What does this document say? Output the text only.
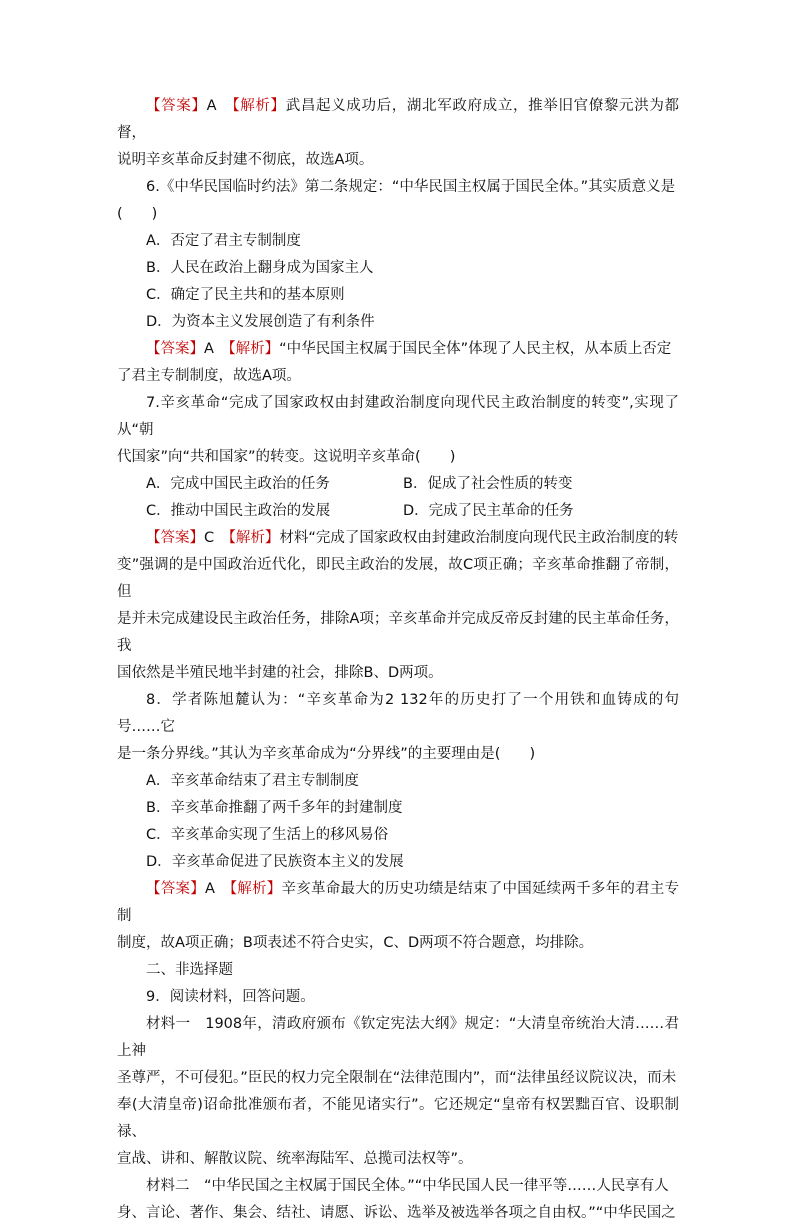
【答案】A　 【解析】武昌起义成功后，湖北军政府成立，推举旧官僚黎元洪为都督，

说明辛亥革命反封建不彻底，故选A项。

6.《中华民国临时约法》第二条规定：“中华民国主权属于国民全体。”其实质意义是

(　　)

A．否定了君主专制制度

B．人民在政治上翻身成为国家主人

C．确定了民主共和的基本原则

D．为资本主义发展创造了有利条件

【答案】A　 【解析】“中华民国主权属于国民全体”体现了人民主权，从本质上否定

了君主专制制度，故选A项。

7.辛亥革命“完成了国家政权由封建政治制度向现代民主政治制度的转变”,实现了从“朝

代国家”向“共和国家”的转变。这说明辛亥革命(　　)

A．完成中国民主政治的任务	B．促成了社会性质的转变
C．推动中国民主政治的发展	D．完成了民主革命的任务

【答案】C　 【解析】材料“完成了国家政权由封建政治制度向现代民主政治制度的转

变”强调的是中国政治近代化，即民主政治的发展，故C项正确；辛亥革命推翻了帝制，但

是并未完成建设民主政治任务，排除A项；辛亥革命并完成反帝反封建的民主革命任务，我

国依然是半殖民地半封建的社会，排除B、D两项。

8．学者陈旭麓认为：“辛亥革命为2 132年的历史打了一个用铁和血铸成的句号……它

是一条分界线。”其认为辛亥革命成为“分界线”的主要理由是(　　)

A．辛亥革命结束了君主专制制度

B．辛亥革命推翻了两千多年的封建制度

C．辛亥革命实现了生活上的移风易俗

D．辛亥革命促进了民族资本主义的发展

【答案】A　 【解析】辛亥革命最大的历史功绩是结束了中国延续两千多年的君主专制

制度，故A项正确；B项表述不符合史实，C、D两项不符合题意，均排除。

二、非选择题

9．阅读材料，回答问题。

材料一　1908年，清政府颁布《钦定宪法大纲》规定：“大清皇帝统治大清……君上神

圣尊严，不可侵犯。”臣民的权力完全限制在“法律范围内”，而“法律虽经议院议决，而未

奉(大清皇帝)诏命批准颁布者，不能见诸实行”。它还规定“皇帝有权罢黜百官、设职制禄、

宣战、讲和、解散议院、统率海陆军、总揽司法权等”。

材料二　“中华民国之主权属于国民全体。”“中华民国人民一律平等……人民享有人

身、言论、著作、集会、结社、请愿、诉讼、选举及被选举各项之自由权。”“中华民国之
